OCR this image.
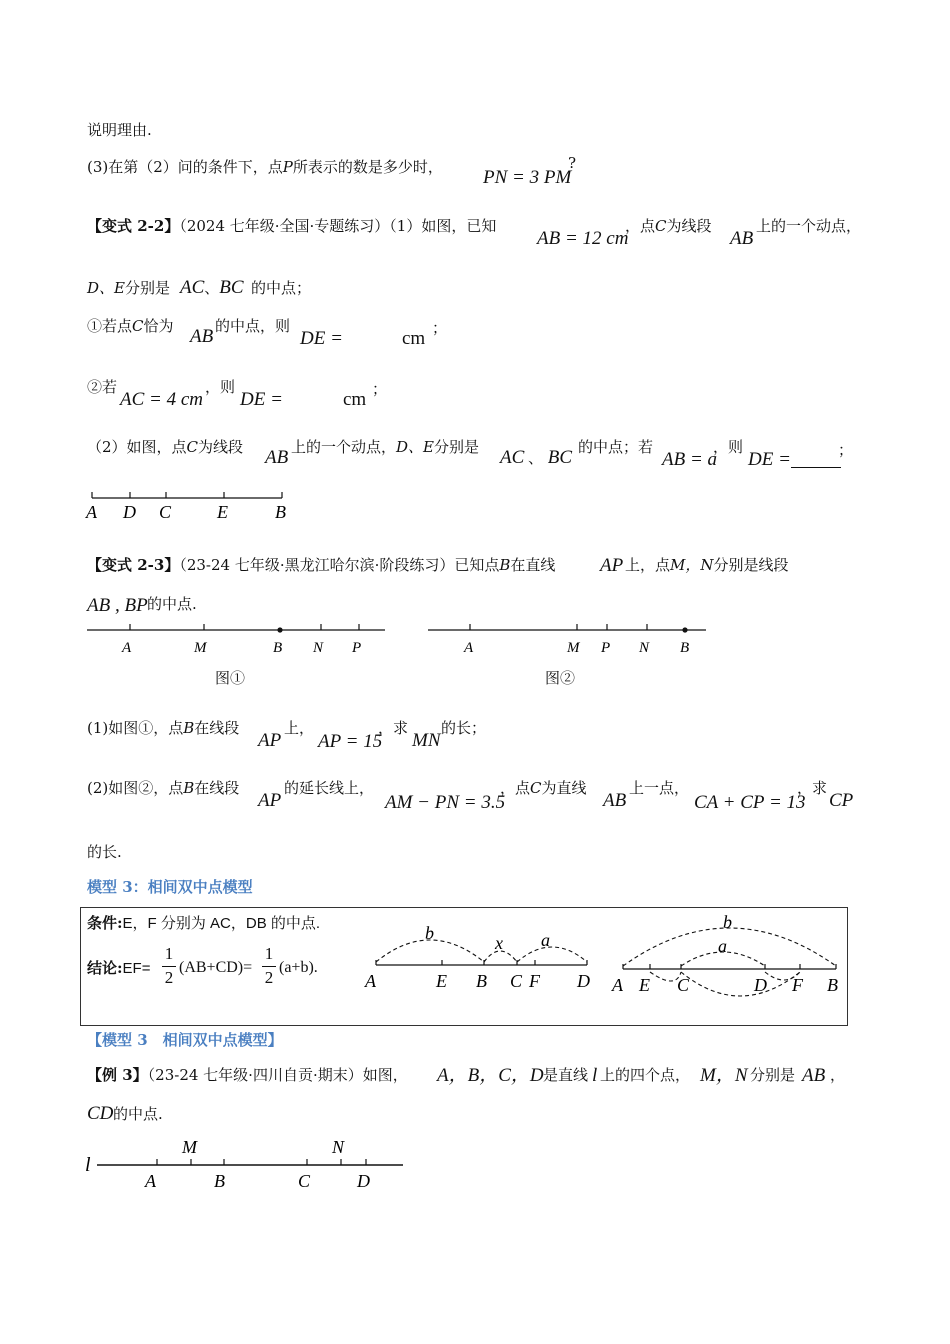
说明理由.
(3)在第（2）问的条件下，点P所表示的数是多少时， PN = 3 PM
?
【变式 2-2】（2024 七年级·全国·专题练习）（1）如图，已知
AB = 12 cm
，点C为线段
AB
上的一个动点，
D、E分别是 AC、BC 的中点；
①若点C恰为 AB 的中点，则
DE =	cm ；
②若
AC = 4 cm
，则
DE =	cm ；
（2）如图，点C为线段 AB 上的一个动点，D、E分别是 AC 、 BC 的中点；若
AB = a
，则
DE =	；
A D C	E	B
A	M	B N P	A	M P N B
【变式 2-3】（23-24 七年级·黑龙江哈尔滨·阶段练习）已知点B在直线 AP 上，点M，N分别是线段
AB , BP 的中点.
图①	图②
(1)如图①，点B在线段
AP
上，
AP = 15
，求
MN
的长；
(2)如图②，点B在线段
AP
的延长线上，
AM − PN = 3.5
，点C为直线
AB
上一点，
CA + CP = 13
，求
CP
的长.
模型 3：相间双中点模型
条件:E，F 分别为 AC，DB 的中点.
结论:EF=
1
2
(AB+CD)=
1
2
(a+b).
b	x a
A	E B C F D
b
a
A E C	D F B
l
M	N
A	B	C	D
【模型 3　相间双中点模型】
【例 3】（23-24 七年级·四川自贡·期末）如图， A，B，C，D 是直线 l 上的四个点， M，N 分别是 AB ，
CD 的中点.
